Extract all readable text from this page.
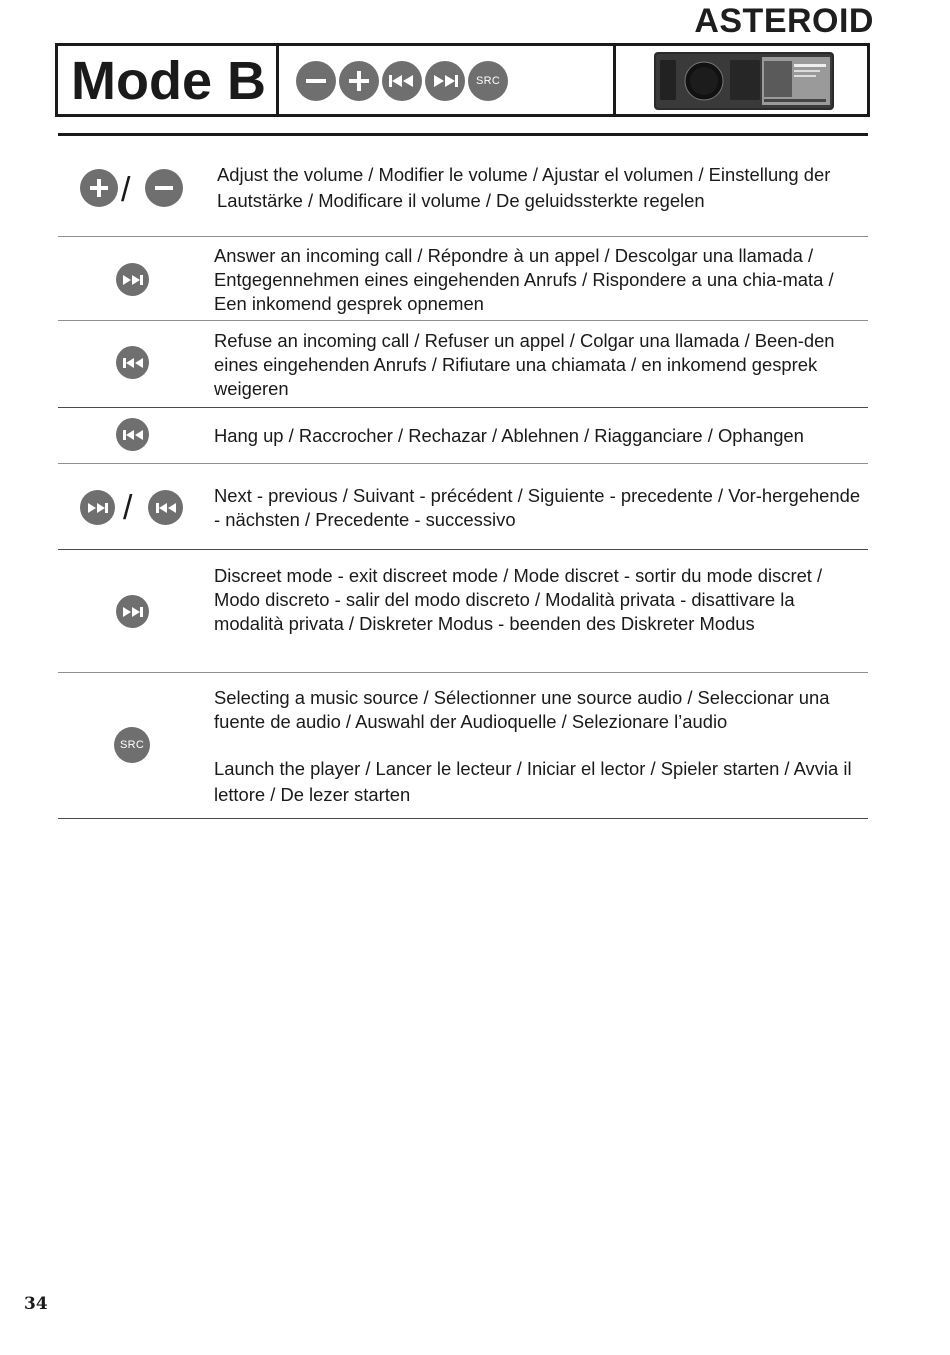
ASTEROID
Mode B	SRC
/	Adjust the volume / Modifier le volume / Ajustar el volumen / Einstellung der Lautstärke / Modificare il volume / De geluidssterkte regelen
Answer an incoming call / Répondre à un appel / Descolgar una llamada / Entgegennehmen eines eingehenden Anrufs / Rispondere a una chia-mata / Een inkomend gesprek opnemen
Refuse an incoming call / Refuser un appel / Colgar una llamada / Been-den eines eingehenden Anrufs / Rifiutare una chiamata / en inkomend gesprek weigeren
Hang up / Raccrocher / Rechazar / Ablehnen / Riagganciare / Ophangen
/	Next - previous / Suivant - précédent / Siguiente - precedente / Vor-hergehende - nächsten / Precedente - successivo
Discreet mode - exit discreet mode / Mode discret - sortir du mode discret / Modo discreto - salir del modo discreto / Modalità privata - disattivare la modalità privata / Diskreter Modus - beenden des Diskreter Modus
SRC
Selecting a music source / Sélectionner une source audio / Seleccionar una fuente de audio / Auswahl der Audioquelle / Selezionare l’audio
Launch the player / Lancer le lecteur / Iniciar el lector / Spieler starten / Avvia il lettore / De lezer starten
34
